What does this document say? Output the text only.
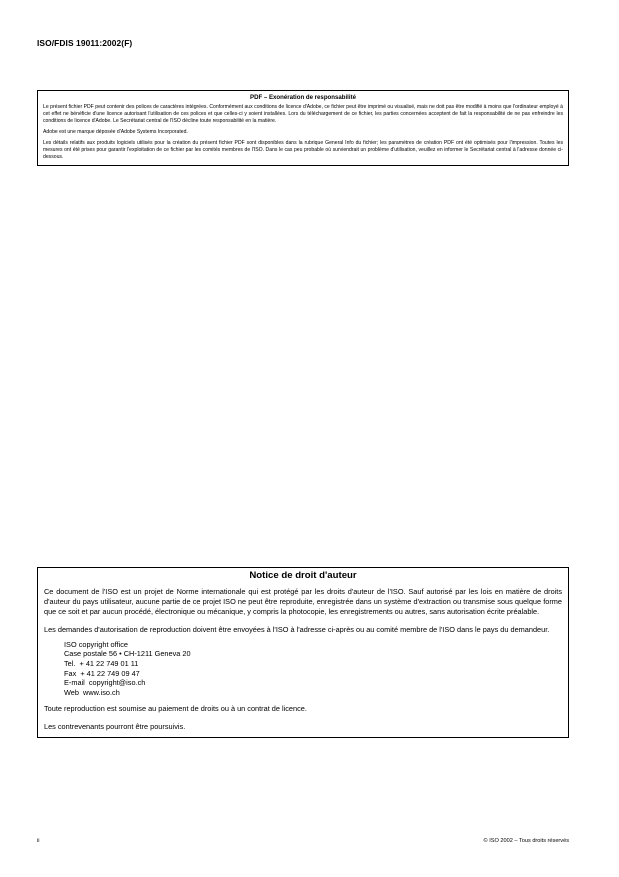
ISO/FDIS 19011:2002(F)
PDF – Exonération de responsabilité

Le présent fichier PDF peut contenir des polices de caractères intégrées. Conformément aux conditions de licence d'Adobe, ce fichier peut être imprimé ou visualisé, mais ne doit pas être modifié à moins que l'ordinateur employé à cet effet ne bénéficie d'une licence autorisant l'utilisation de ces polices et que celles-ci y soient installées. Lors du téléchargement de ce fichier, les parties concernées acceptent de fait la responsabilité de ne pas enfreindre les conditions de licence d'Adobe. Le Secrétariat central de l'ISO décline toute responsabilité en la matière.

Adobe est une marque déposée d'Adobe Systems Incorporated.

Les détails relatifs aux produits logiciels utilisés pour la création du présent fichier PDF sont disponibles dans la rubrique General Info du fichier; les paramètres de création PDF ont été optimisés pour l'impression. Toutes les mesures ont été prises pour garantir l'exploitation de ce fichier par les comités membres de l'ISO. Dans le cas peu probable où surviendrait un problème d'utilisation, veuillez en informer le Secrétariat central à l'adresse donnée ci-dessous.

Notice de droit d'auteur

Ce document de l'ISO est un projet de Norme internationale qui est protégé par les droits d'auteur de l'ISO. Sauf autorisé par les lois en matière de droits d'auteur du pays utilisateur, aucune partie de ce projet ISO ne peut être reproduite, enregistrée dans un système d'extraction ou transmise sous quelque forme que ce soit et par aucun procédé, électronique ou mécanique, y compris la photocopie, les enregistrements ou autres, sans autorisation écrite préalable.

Les demandes d'autorisation de reproduction doivent être envoyées à l'ISO à l'adresse ci-après ou au comité membre de l'ISO dans le pays du demandeur.

ISO copyright office
Case postale 56 • CH-1211 Geneva 20
Tel.  + 41 22 749 01 11
Fax  + 41 22 749 09 47
E-mail  copyright@iso.ch
Web  www.iso.ch

Toute reproduction est soumise au paiement de droits ou à un contrat de licence.

Les contrevenants pourront être poursuivis.

ii	© ISO 2002 – Tous droits réservés
